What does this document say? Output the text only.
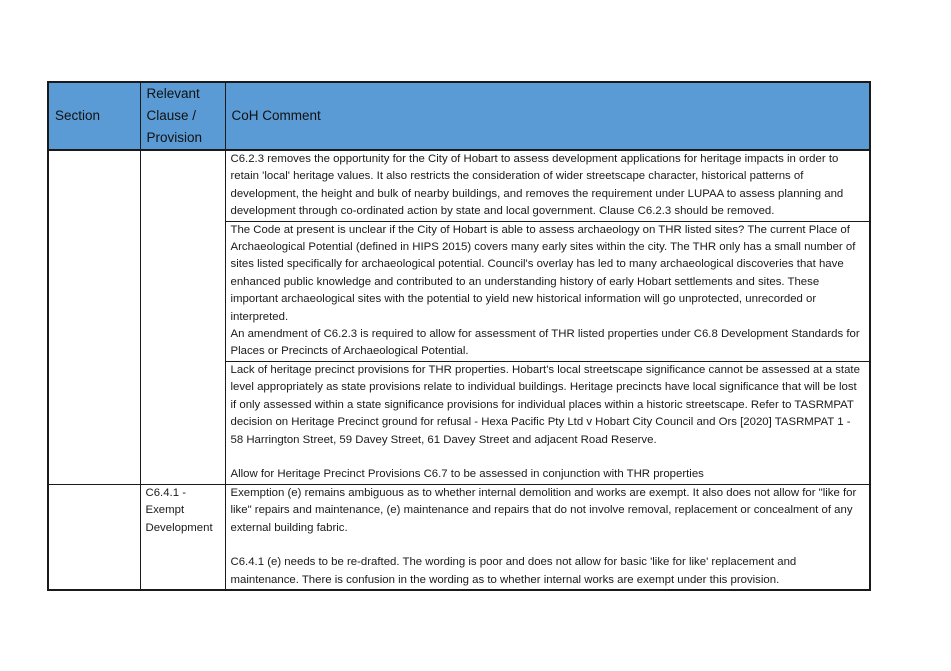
Section	Relevant Clause / Provision	CoH Comment

		C6.2.3 removes the opportunity for the City of Hobart to assess development applications for heritage impacts in order to retain 'local' heritage values. It also restricts the consideration of wider streetscape character, historical patterns of development, the height and bulk of nearby buildings, and removes the requirement under LUPAA to assess planning and development through co-ordinated action by state and local government. Clause C6.2.3 should be removed.

		The Code at present is unclear if the City of Hobart is able to assess archaeology on THR listed sites? The current Place of Archaeological Potential (defined in HIPS 2015) covers many early sites within the city. The THR only has a small number of sites listed specifically for archaeological potential. Council's overlay has led to many archaeological discoveries that have enhanced public knowledge and contributed to an understanding history of early Hobart settlements and sites. These important archaeological sites with the potential to yield new historical information will go unprotected, unrecorded or interpreted.

An amendment of C6.2.3 is required to allow for assessment of THR listed properties under C6.8 Development Standards for Places or Precincts of Archaeological Potential.

		Lack of heritage precinct provisions for THR properties. Hobart's local streetscape significance cannot be assessed at a state level appropriately as state provisions relate to individual buildings. Heritage precincts have local significance that will be lost if only assessed within a state significance provisions for individual places within a historic streetscape. Refer to TASRMPAT decision on Heritage Precinct ground for refusal - Hexa Pacific Pty Ltd v Hobart City Council and Ors [2020] TASRMPAT 1 - 58 Harrington Street, 59 Davey Street, 61 Davey Street and adjacent Road Reserve.

Allow for Heritage Precinct Provisions C6.7 to be assessed in conjunction with THR properties

	C6.4.1 - Exempt Development	Exemption (e) remains ambiguous as to whether internal demolition and works are exempt. It also does not allow for "like for like" repairs and maintenance, (e) maintenance and repairs that do not involve removal, replacement or concealment of any external building fabric.

C6.4.1 (e) needs to be re-drafted. The wording is poor and does not allow for basic 'like for like' replacement and maintenance. There is confusion in the wording as to whether internal works are exempt under this provision.
